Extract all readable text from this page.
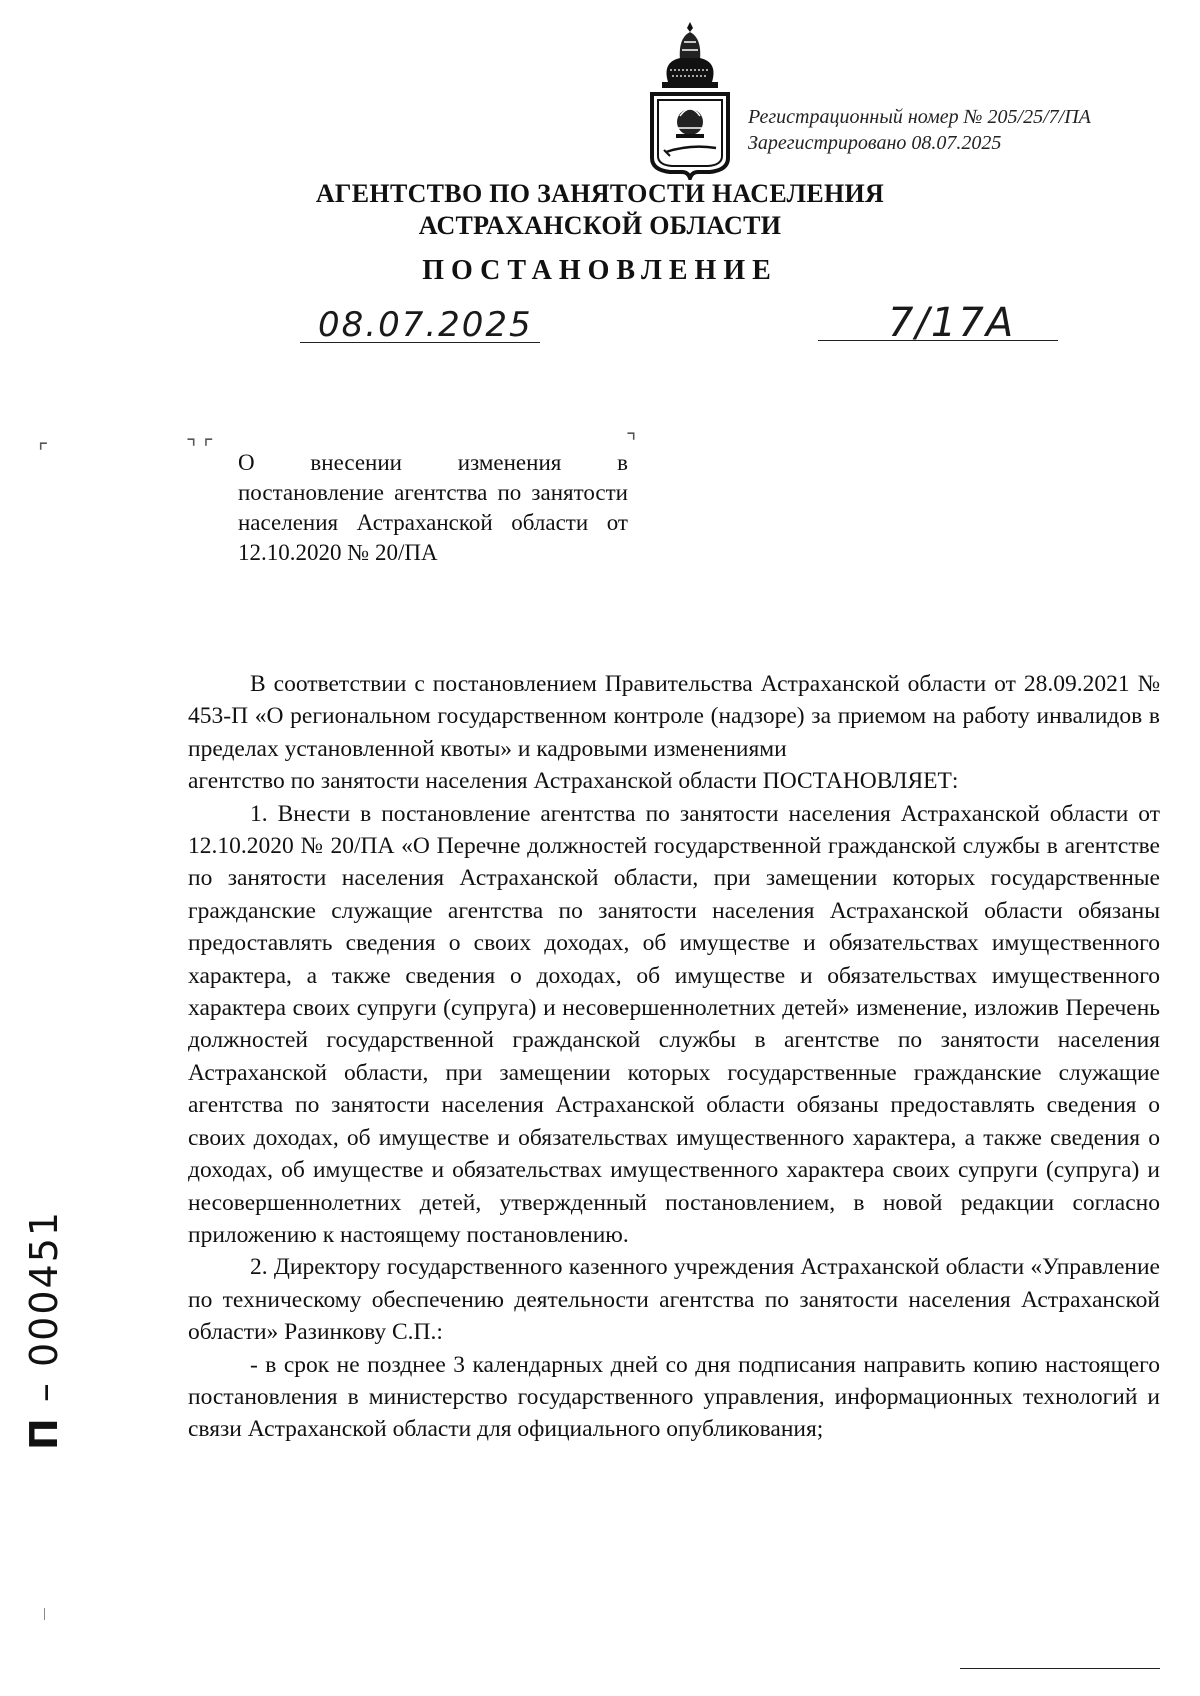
Регистрационный номер № 205/25/7/ПА
Зарегистрировано 08.07.2025
АГЕНТСТВО ПО ЗАНЯТОСТИ НАСЕЛЕНИЯ
АСТРАХАНСКОЙ ОБЛАСТИ
ПОСТАНОВЛЕНИЕ
08.07.2025	7/17А
⌜	⌝ ⌜	⌝
О внесении изменения в постановление агентства по занятости населения Астраханской области от 12.10.2020 № 20/ПА

В соответствии с постановлением Правительства Астраханской области от 28.09.2021 № 453-П «О региональном государственном контроле (надзоре) за приемом на работу инвалидов в пределах установленной квоты» и кадровыми изменениями

агентство по занятости населения Астраханской области ПОСТАНОВЛЯЕТ:

1. Внести в постановление агентства по занятости населения Астраханской области от 12.10.2020 № 20/ПА «О Перечне должностей государственной гражданской службы в агентстве по занятости населения Астраханской области, при замещении которых государственные гражданские служащие агентства по занятости населения Астраханской области обязаны предоставлять сведения о своих доходах, об имуществе и обязательствах имущественного характера, а также сведения о доходах, об имуществе и обязательствах имущественного характера своих супруги (супруга) и несовершеннолетних детей» изменение, изложив Перечень должностей государственной гражданской службы в агентстве по занятости населения Астраханской области, при замещении которых государственные гражданские служащие агентства по занятости населения Астраханской области обязаны предоставлять сведения о своих доходах, об имуществе и обязательствах имущественного характера, а также сведения о доходах, об имуществе и обязательствах имущественного характера своих супруги (супруга) и несовершеннолетних детей, утвержденный постановлением, в новой редакции согласно приложению к настоящему постановлению.

2. Директору государственного казенного учреждения Астраханской области «Управление по техническому обеспечению деятельности агентства по занятости населения Астраханской области» Разинкову С.П.:

- в срок не позднее 3 календарных дней со дня подписания направить копию настоящего постановления в министерство государственного управления, информационных технологий и связи Астраханской области для официального опубликования;

П – 000451
